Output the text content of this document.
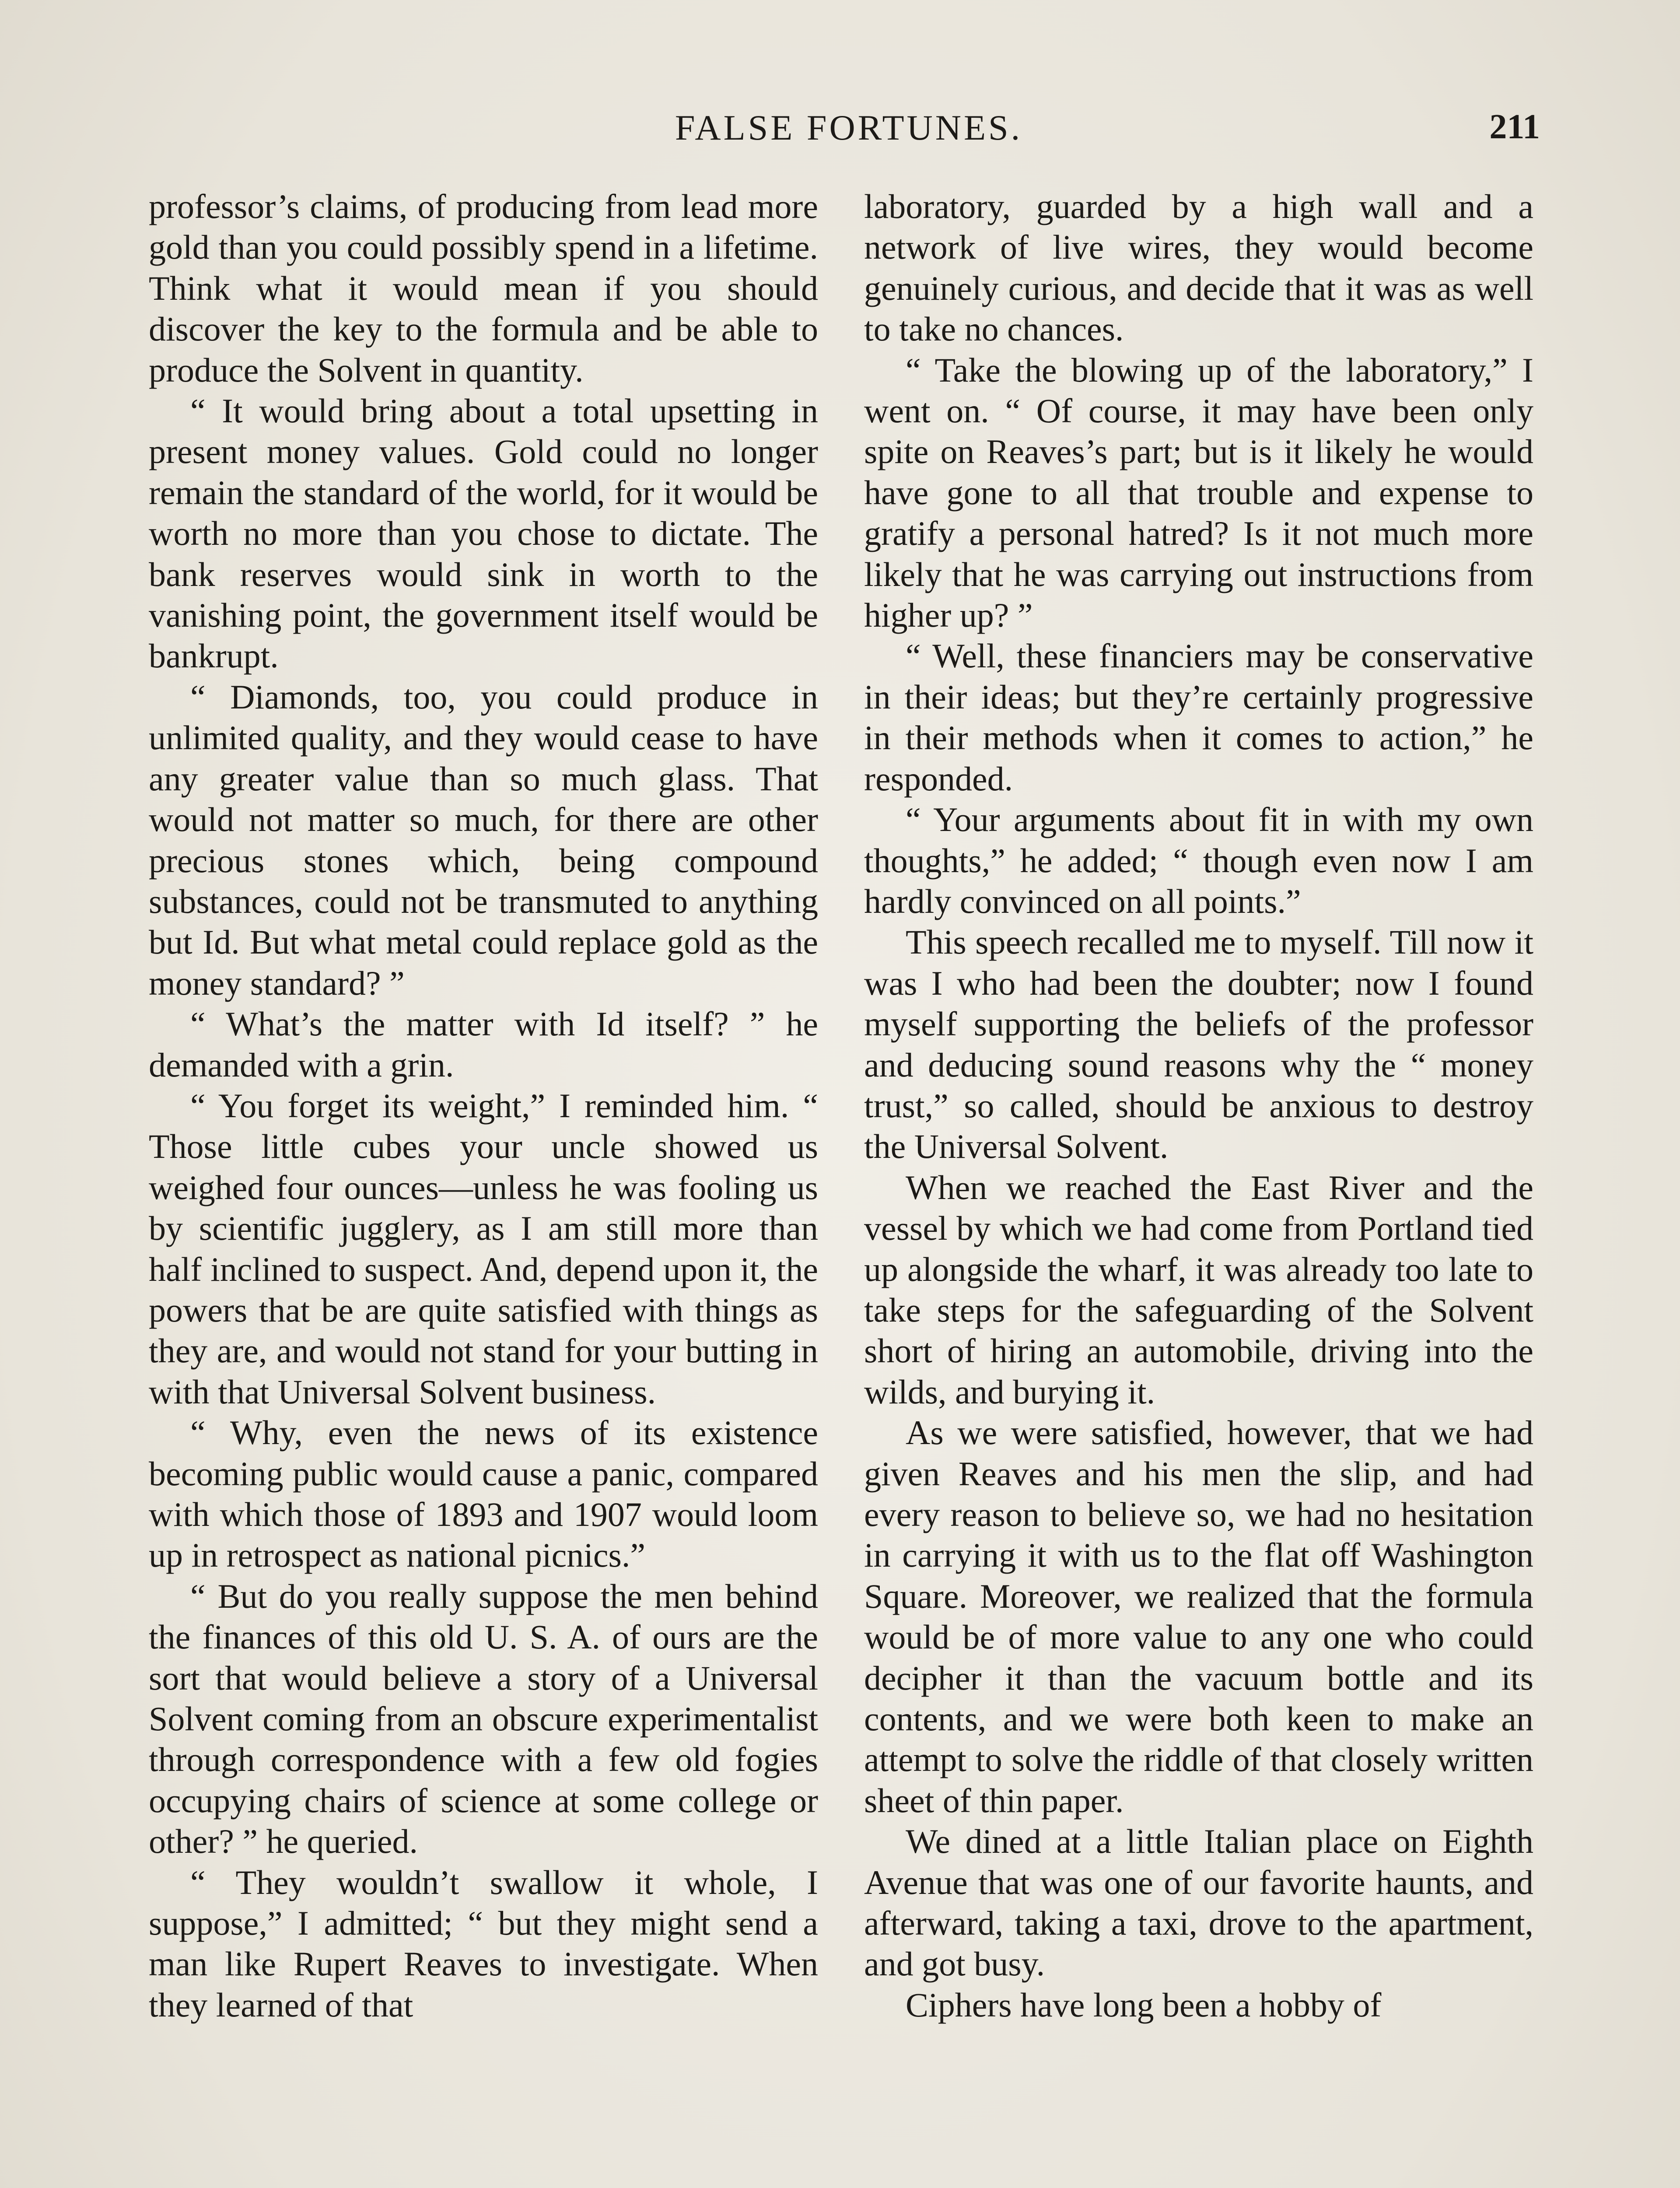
FALSE FORTUNES.	211

professor’s claims, of producing from lead more gold than you could possibly spend in a lifetime. Think what it would mean if you should discover the key to the formula and be able to produce the Solvent in quantity.

“ It would bring about a total upsetting in present money values. Gold could no longer remain the standard of the world, for it would be worth no more than you chose to dictate. The bank reserves would sink in worth to the vanishing point, the government itself would be bankrupt.

“ Diamonds, too, you could produce in unlimited quality, and they would cease to have any greater value than so much glass. That would not matter so much, for there are other precious stones which, being compound substances, could not be transmuted to anything but Id. But what metal could replace gold as the money standard? ”

“ What’s the matter with Id itself? ” he demanded with a grin.

“ You forget its weight,” I reminded him. “ Those little cubes your uncle showed us weighed four ounces—unless he was fooling us by scientific jugglery, as I am still more than half inclined to suspect. And, depend upon it, the powers that be are quite satisfied with things as they are, and would not stand for your butting in with that Universal Solvent business.

“ Why, even the news of its existence becoming public would cause a panic, compared with which those of 1893 and 1907 would loom up in retrospect as national picnics.”

“ But do you really suppose the men behind the finances of this old U. S. A. of ours are the sort that would believe a story of a Universal Solvent coming from an obscure experimentalist through correspondence with a few old fogies occupying chairs of science at some college or other? ” he queried.

“ They wouldn’t swallow it whole, I suppose,” I admitted; “ but they might send a man like Rupert Reaves to investigate. When they learned of that

laboratory, guarded by a high wall and a network of live wires, they would become genuinely curious, and decide that it was as well to take no chances.

“ Take the blowing up of the laboratory,” I went on. “ Of course, it may have been only spite on Reaves’s part; but is it likely he would have gone to all that trouble and expense to gratify a personal hatred? Is it not much more likely that he was carrying out instructions from higher up? ”

“ Well, these financiers may be conservative in their ideas; but they’re certainly progressive in their methods when it comes to action,” he responded.

“ Your arguments about fit in with my own thoughts,” he added; “ though even now I am hardly convinced on all points.”

This speech recalled me to myself. Till now it was I who had been the doubter; now I found myself supporting the beliefs of the professor and deducing sound reasons why the “ money trust,” so called, should be anxious to destroy the Universal Solvent.

When we reached the East River and the vessel by which we had come from Portland tied up alongside the wharf, it was already too late to take steps for the safeguarding of the Solvent short of hiring an automobile, driving into the wilds, and burying it.

As we were satisfied, however, that we had given Reaves and his men the slip, and had every reason to believe so, we had no hesitation in carrying it with us to the flat off Washington Square. Moreover, we realized that the formula would be of more value to any one who could decipher it than the vacuum bottle and its contents, and we were both keen to make an attempt to solve the riddle of that closely written sheet of thin paper.

We dined at a little Italian place on Eighth Avenue that was one of our favorite haunts, and afterward, taking a taxi, drove to the apartment, and got busy.

Ciphers have long been a hobby of
